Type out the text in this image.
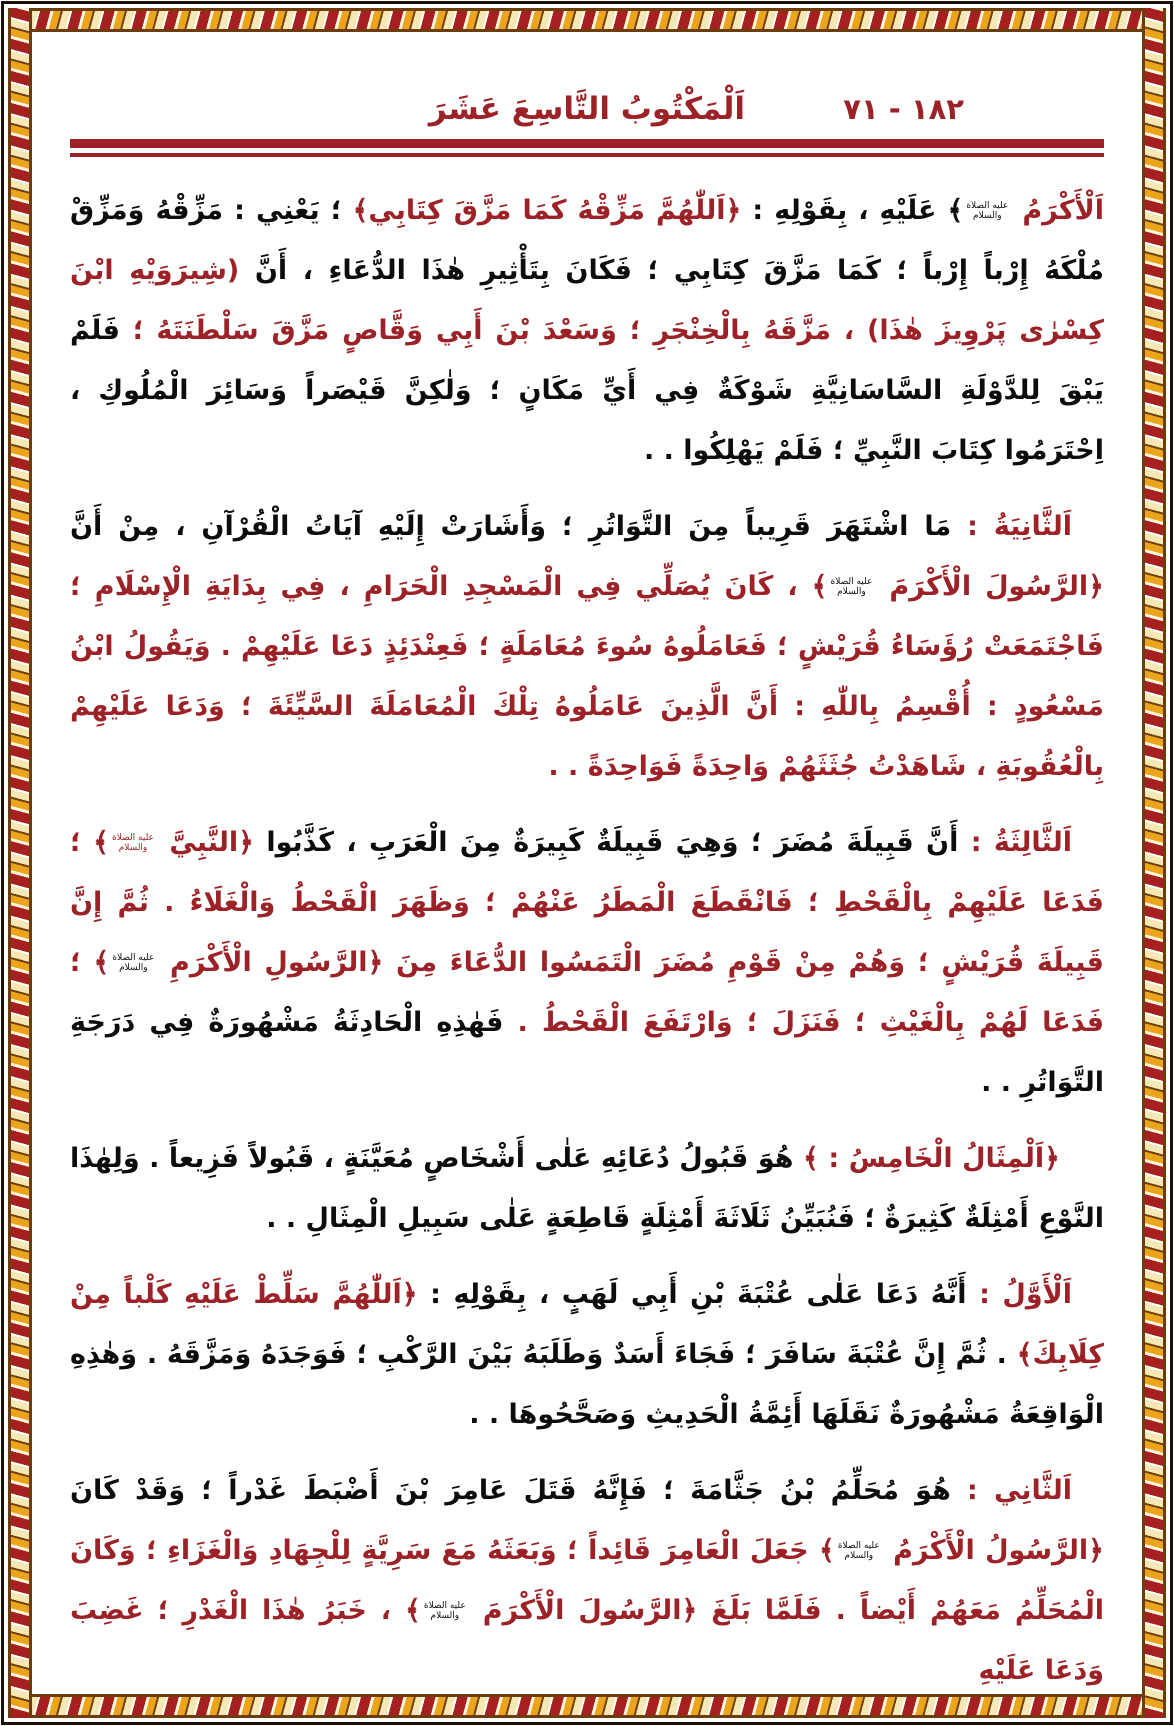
اَلْمَكْتُوبُ التَّاسِعَ عَشَرَ	١٨٢ - ٧١

اَلْأَكْرَمُ عليه الصلاة والسلام﴾ عَلَيْهِ ، بِقَوْلِهِ : ﴿اَللّٰهُمَّ مَزِّقْهُ كَمَا مَزَّقَ كِتَابِي﴾ ؛ يَعْنِي : مَزِّقْهُ وَمَزِّقْ مُلْكَهُ إِرْباً إِرْباً ؛ كَمَا مَزَّقَ كِتَابِي ؛ فَكَانَ بِتَأْثِيرِ هٰذَا الدُّعَاءِ ، أَنَّ (شِيرَوَيْهِ ابْنَ كِسْرٰى پَرْوِيزَ هٰذَا) ، مَزَّقَهُ بِالْخِنْجَرِ ؛ وَسَعْدَ بْنَ أَبِي وَقَّاصٍ مَزَّقَ سَلْطَنَتَهُ ؛ فَلَمْ يَبْقَ لِلدَّوْلَةِ السَّاسَانِيَّةِ شَوْكَةٌ فِي أَيِّ مَكَانٍ ؛ وَلٰكِنَّ قَيْصَراً وَسَائِرَ الْمُلُوكِ ، اِحْتَرَمُوا كِتَابَ النَّبِيِّ ؛ فَلَمْ يَهْلِكُوا . .

اَلثَّانِيَةُ : مَا اشْتَهَرَ قَرِيباً مِنَ التَّوَاتُرِ ؛ وَأَشَارَتْ إِلَيْهِ آيَاتُ الْقُرْآنِ ، مِنْ أَنَّ ﴿الرَّسُولَ الْأَكْرَمَ عليه الصلاة والسلام﴾ ، كَانَ يُصَلِّي فِي الْمَسْجِدِ الْحَرَامِ ، فِي بِدَايَةِ الْإِسْلَامِ ؛ فَاجْتَمَعَتْ رُؤَسَاءُ قُرَيْشٍ ؛ فَعَامَلُوهُ سُوءَ مُعَامَلَةٍ ؛ فَعِنْدَئِذٍ دَعَا عَلَيْهِمْ . وَيَقُولُ ابْنُ مَسْعُودٍ : أُقْسِمُ بِاللّٰهِ : أَنَّ الَّذِينَ عَامَلُوهُ تِلْكَ الْمُعَامَلَةَ السَّيِّئَةَ ؛ وَدَعَا عَلَيْهِمْ بِالْعُقُوبَةِ ، شَاهَدْتُ جُثَثَهُمْ وَاحِدَةً فَوَاحِدَةً . .

اَلثَّالِثَةُ : أَنَّ قَبِيلَةَ مُضَرَ ؛ وَهِيَ قَبِيلَةٌ كَبِيرَةٌ مِنَ الْعَرَبِ ، كَذَّبُوا ﴿النَّبِيَّ عليه الصلاة والسلام﴾ ؛ فَدَعَا عَلَيْهِمْ بِالْقَحْطِ ؛ فَانْقَطَعَ الْمَطَرُ عَنْهُمْ ؛ وَظَهَرَ الْقَحْطُ وَالْغَلَاءُ . ثُمَّ إِنَّ قَبِيلَةَ قُرَيْشٍ ؛ وَهُمْ مِنْ قَوْمِ مُضَرَ الْتَمَسُوا الدُّعَاءَ مِنَ ﴿الرَّسُولِ الْأَكْرَمِ عليه الصلاة والسلام﴾ ؛ فَدَعَا لَهُمْ بِالْغَيْثِ ؛ فَنَزَلَ ؛ وَارْتَفَعَ الْقَحْطُ . فَهٰذِهِ الْحَادِثَةُ مَشْهُورَةٌ فِي دَرَجَةِ التَّوَاتُرِ . .

﴿اَلْمِثَالُ الْخَامِسُ : ﴾ هُوَ قَبُولُ دُعَائِهِ عَلٰى أَشْخَاصٍ مُعَيَّنَةٍ ، قَبُولاً فَزِيعاً . وَلِهٰذَا النَّوْعِ أَمْثِلَةٌ كَثِيرَةٌ ؛ فَنُبَيِّنُ ثَلَاثَةَ أَمْثِلَةٍ قَاطِعَةٍ عَلٰى سَبِيلِ الْمِثَالِ . .

اَلْأَوَّلُ : أَنَّهُ دَعَا عَلٰى عُتْبَةَ بْنِ أَبِي لَهَبٍ ، بِقَوْلِهِ : ﴿اَللّٰهُمَّ سَلِّطْ عَلَيْهِ كَلْباً مِنْ كِلَابِكَ﴾ . ثُمَّ إِنَّ عُتْبَةَ سَافَرَ ؛ فَجَاءَ أَسَدٌ وَطَلَبَهُ بَيْنَ الرَّكْبِ ؛ فَوَجَدَهُ وَمَزَّقَهُ . وَهٰذِهِ الْوَاقِعَةُ مَشْهُورَةٌ نَقَلَهَا أَئِمَّةُ الْحَدِيثِ وَصَحَّحُوهَا . .

اَلثَّانِي : هُوَ مُحَلِّمُ بْنُ جَثَّامَةَ ؛ فَإِنَّهُ قَتَلَ عَامِرَ بْنَ أَضْبَطَ غَدْراً ؛ وَقَدْ كَانَ ﴿الرَّسُولُ الْأَكْرَمُ عليه الصلاة والسلام﴾ جَعَلَ الْعَامِرَ قَائِداً ؛ وَبَعَثَهُ مَعَ سَرِيَّةٍ لِلْجِهَادِ وَالْغَزَاءِ ؛ وَكَانَ الْمُحَلِّمُ مَعَهُمْ أَيْضاً . فَلَمَّا بَلَغَ ﴿الرَّسُولَ الْأَكْرَمَ عليه الصلاة والسلام﴾ ، خَبَرُ هٰذَا الْغَدْرِ ؛ غَضِبَ وَدَعَا عَلَيْهِ
